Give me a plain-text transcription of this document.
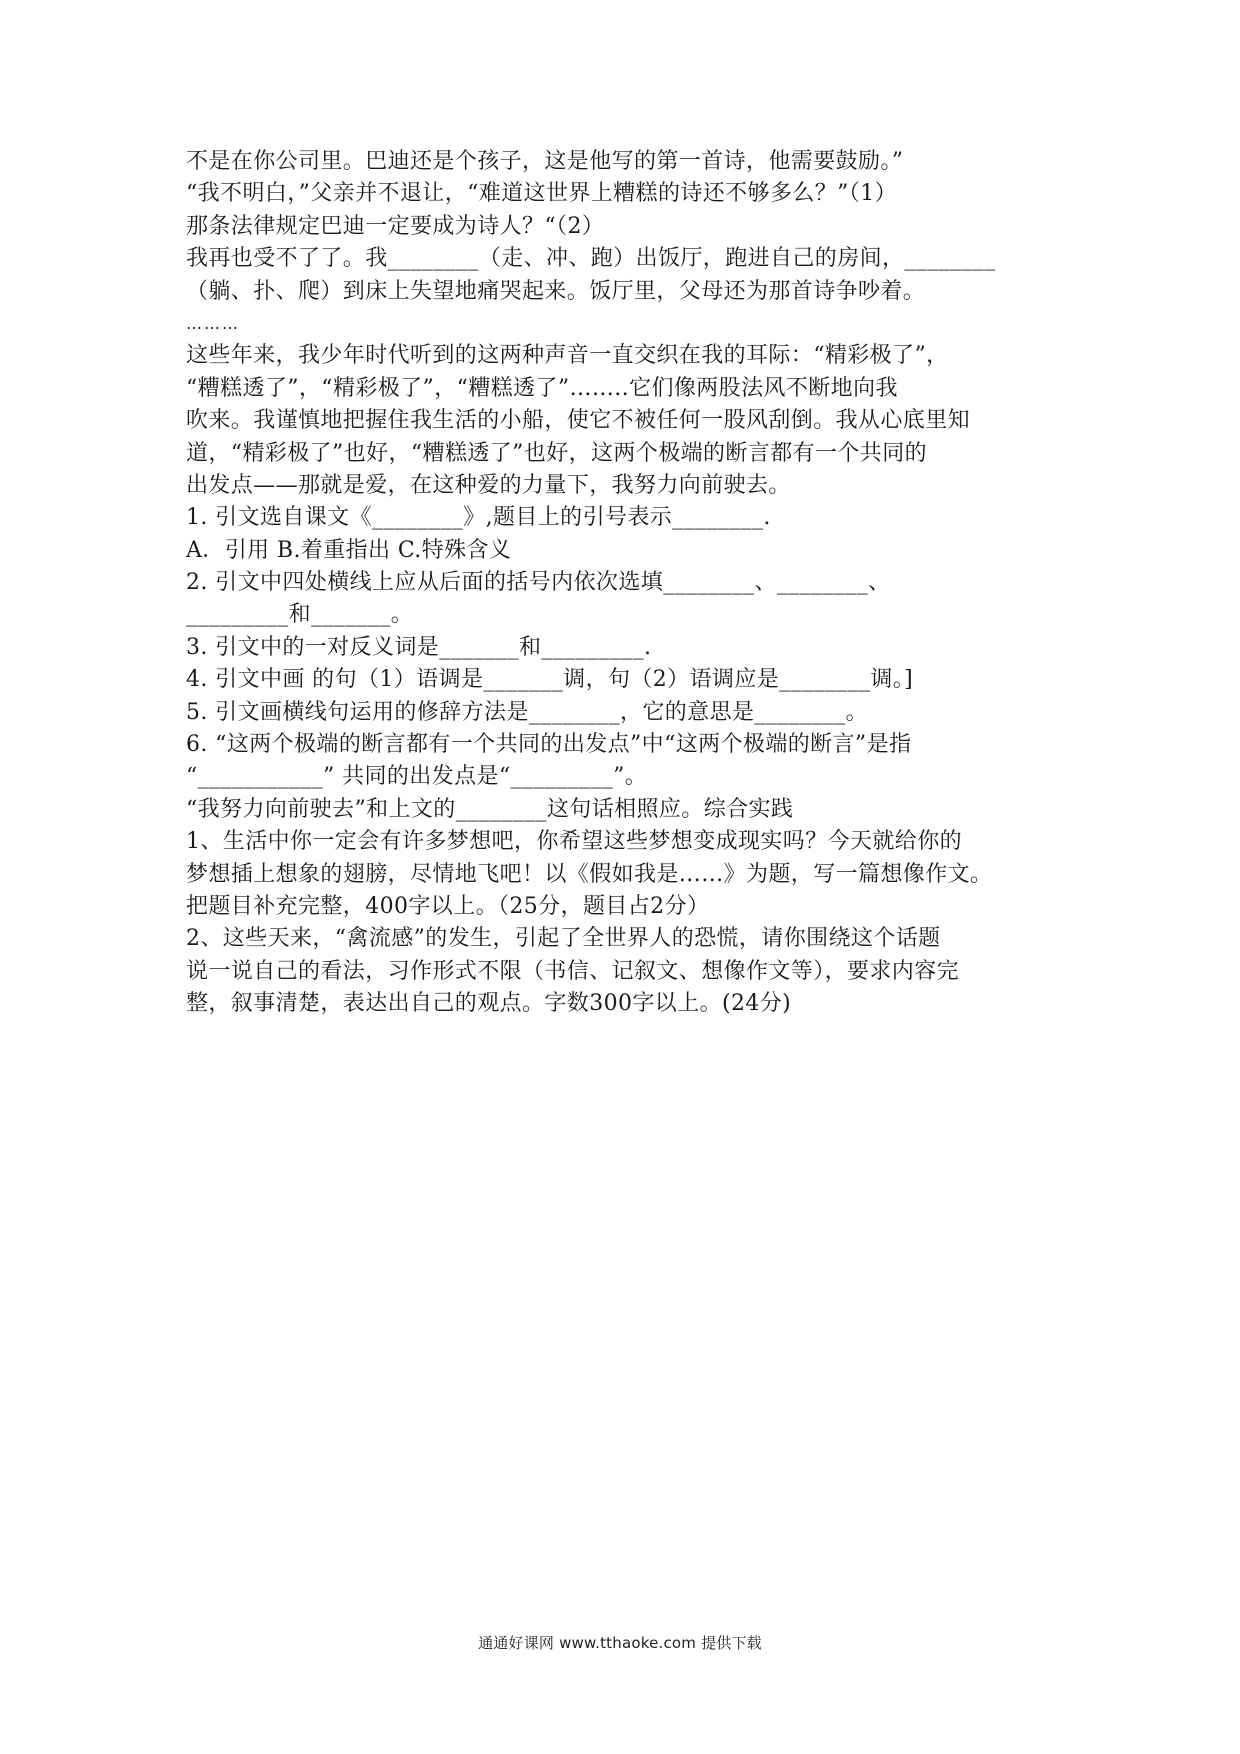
不是在你公司里。巴迪还是个孩子，这是他写的第一首诗，他需要鼓励。”
“我不明白，”父亲并不退让，“难道这世界上糟糕的诗还不够多么？”（1）
那条法律规定巴迪一定要成为诗人？“（2）
我再也受不了了。我________（走、冲、跑）出饭厅，跑进自己的房间，________
（躺、扑、爬）到床上失望地痛哭起来。饭厅里，父母还为那首诗争吵着。
………
这些年来，我少年时代听到的这两种声音一直交织在我的耳际：“精彩极了”，
“糟糕透了”，“精彩极了”，“糟糕透了”……..它们像两股法风不断地向我
吹来。我谨慎地把握住我生活的小船，使它不被任何一股风刮倒。我从心底里知
道，“精彩极了”也好，“糟糕透了”也好，这两个极端的断言都有一个共同的
出发点——那就是爱，在这种爱的力量下，我努力向前驶去。
1. 引文选自课文《________》,题目上的引号表示________.
A．引用 B.着重指出 C.特殊含义
2. 引文中四处横线上应从后面的括号内依次选填________、________、
_________和_______。
3. 引文中的一对反义词是_______和_________.
4. 引文中画 的句（1）语调是_______调，句（2）语调应是________调。]
5. 引文画横线句运用的修辞方法是________，它的意思是________。
6. “这两个极端的断言都有一个共同的出发点”中“这两个极端的断言”是指
“___________” 共同的出发点是“_________”。
“我努力向前驶去”和上文的________这句话相照应。综合实践
1、生活中你一定会有许多梦想吧，你希望这些梦想变成现实吗？今天就给你的
梦想插上想象的翅膀，尽情地飞吧！以《假如我是……》为题，写一篇想像作文。
把题目补充完整，400字以上。（25分，题目占2分）
2、这些天来，“禽流感”的发生，引起了全世界人的恐慌，请你围绕这个话题
说一说自己的看法，习作形式不限（书信、记叙文、想像作文等），要求内容完
整，叙事清楚，表达出自己的观点。字数300字以上。(24分)
通通好课网 www.tthaoke.com 提供下载
